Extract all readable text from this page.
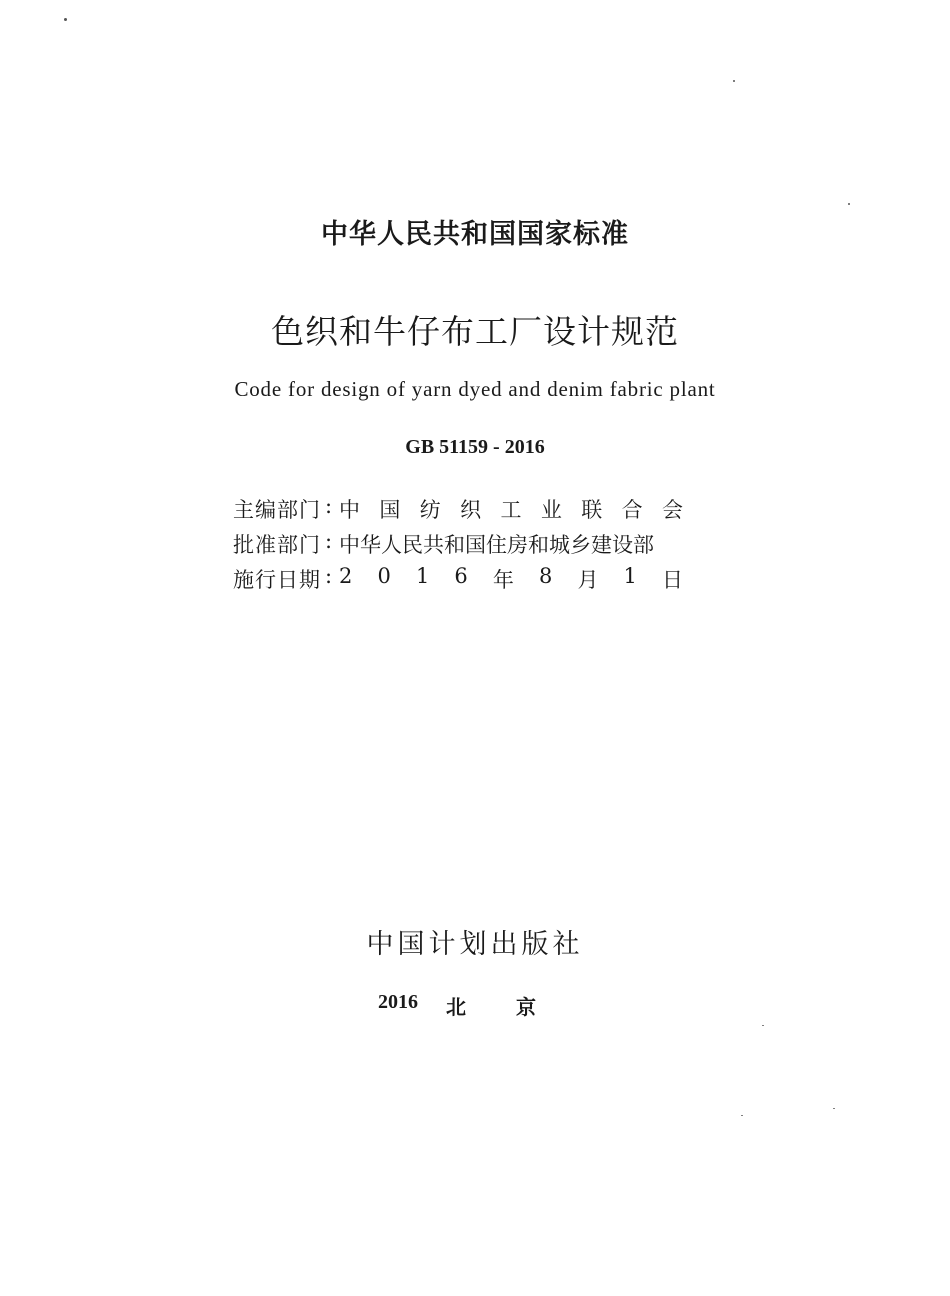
中华人民共和国国家标准
色织和牛仔布工厂设计规范
Code for design of yarn dyed and denim fabric plant
GB 51159 - 2016
主编部门 : 中 国 纺 织 工 业 联 合 会
批准部门 : 中华人民共和国住房和城乡建设部
施行日期 : 2 0 1 6 年 8 月 1 日
中国计划出版社
2016 北	京
